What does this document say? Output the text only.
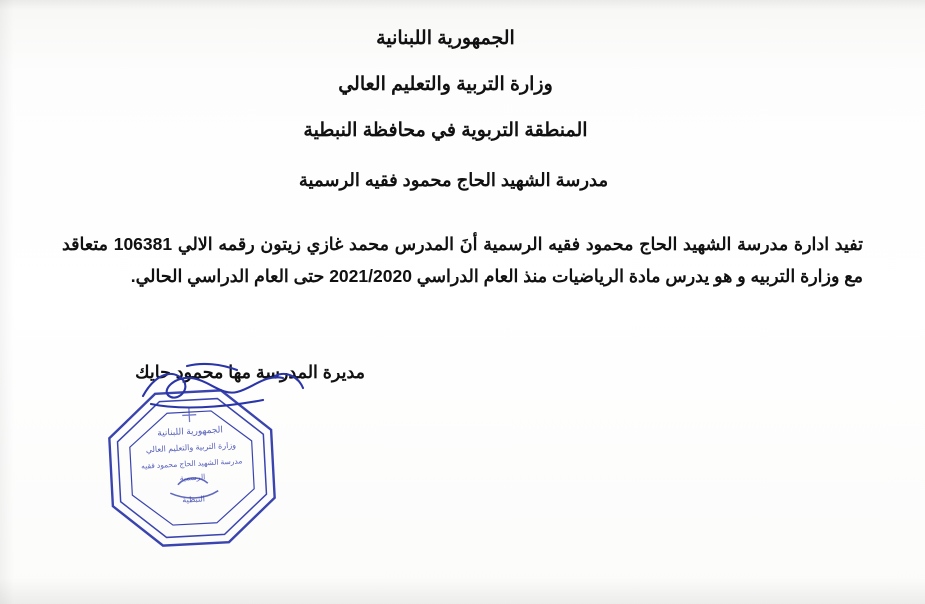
الجمهورية اللبنانية
وزارة التربية والتعليم العالي
المنطقة التربوية في محافظة النبطية
مدرسة الشهيد الحاج محمود فقيه الرسمية

تفيد ادارة مدرسة الشهيد الحاج محمود فقيه الرسمية أنَ المدرس محمد غازي زيتون رقمه الالي 106381 متعاقد مع وزارة التربيه و هو يدرس مادة الرياضيات منذ العام الدراسي 2021/2020 حتى العام الدراسي الحالي.

مديرة المدرسة مها محمود حايك
الجمهورية اللبنانية
وزارة التربية والتعليم العالي
مدرسة الشهيد الحاج محمود فقيه
الرسمية
النبطية
